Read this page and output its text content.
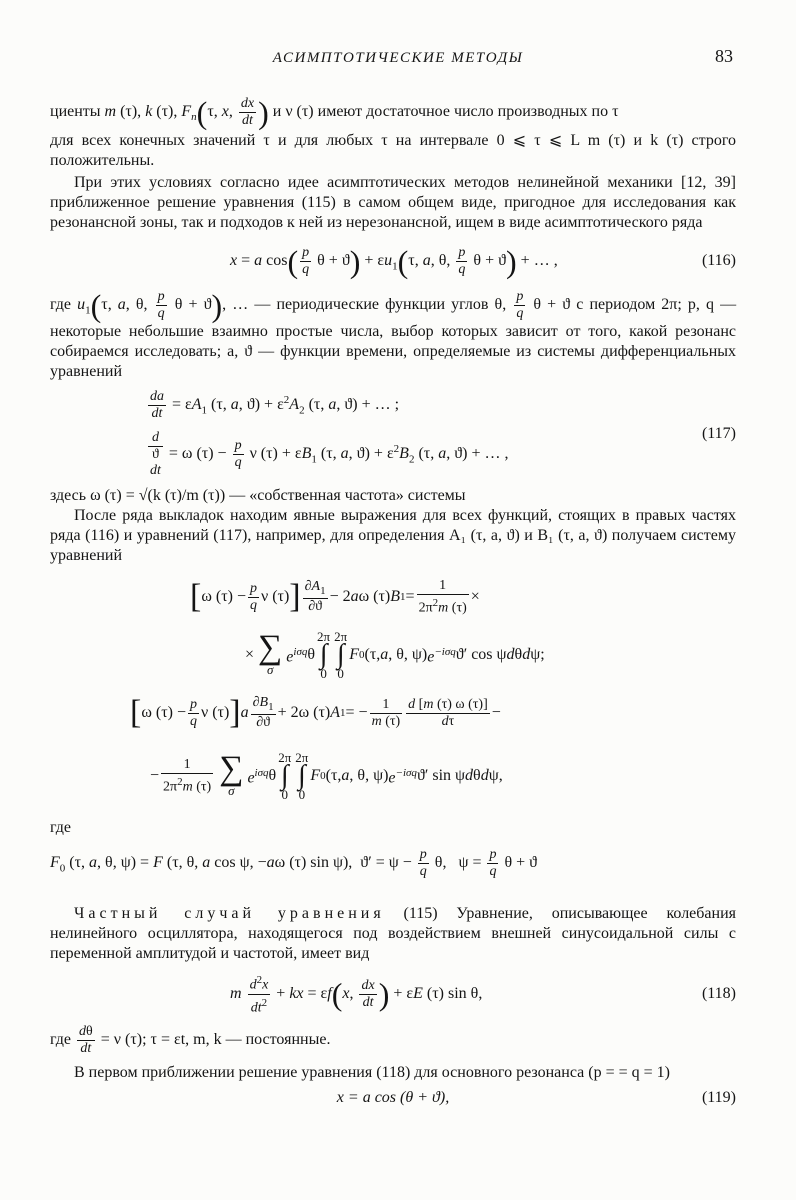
АСИМПТОТИЧЕСКИЕ МЕТОДЫ	83

циенты m (τ), k (τ), $F_n(\tau$, x, $\frac{dx}{dt}$ ) и ν (τ) имеют достаточное число производных по τ

для всех конечных значений τ и для любых τ на интервале 0 ⩽ τ ⩽ L m (τ) и k (τ) строго положительны.

При этих условиях согласно идее асимптотических методов нелинейной механики [12, 39] приближенное решение уравнения (115) в самом общем виде, пригодное для исследования как резонансной зоны, так и подходов к ней из нерезонансной, ищем в виде асимптотического ряда

x = a $\cos( \frac{p}{q}$ $\theta + ϑ) + \varepsilon u_1(\tau$, a, θ, $\frac{p}{q}$ θ + ϑ) + … ,	(116)

где $u_1(\tau$, a, θ, $\frac{p}{q}$ θ + ϑ), … — периодические функции углов θ, $\frac{p}{q}$ θ + ϑ с периодом 2π; p, q — некоторые небольшие взаимно простые числа, выбор которых зависит от того, какой резонанс собираемся исследовать; a, ϑ — функции времени, определяемые из системы дифференциальных уравнений

$\frac{da}{dt} = \varepsilon A_1$ (τ, a, $ϑ) + \varepsilon^2A_2$ (τ, a, ϑ) + … ;
d
ϑ
dt
= ω $(\tau) - \frac{p}{q}$ ν $(\tau) + \varepsilon B_1$ (τ, a, $ϑ) + \varepsilon^2B_2$ (τ, a, ϑ) + … ,
(117)

здесь ω (τ) = √(k (τ)/m (τ)) — «собственная частота» системы

После ряда выкладок находим явные выражения для всех функций, стоящих в правых частях ряда (116) и уравнений (117), например, для определения A₁ (τ, a, ϑ) и B₁ (τ, a, ϑ) получаем систему уравнений

[ ω $(\tau) - \frac{p}{q}$ ν (τ) ] $\frac{\partial A_1}{\partial ϑ} - 2$ a ω (τ) B $1 = \frac{1}{2\pi^2m (\tau)}$ ×
× ∑
σ
$e^{i\sigma q}$ θ
2π
∫
0
2π
∫
0
F 0 (τ, a , θ, ψ) $e^{-i\sigma q}$ ϑ′ cos ψ d θ d ψ;
[ ω $(\tau) - \frac{p}{q}$ ν (τ) ] a $\frac{\partial B_1}{\partial ϑ} + 2\omega$ (τ) A 1 = − $\frac{1}{m (\tau)} \frac{d [m (\tau) \omega (\tau)]}{d\tau}$ −
− $\frac{1}{2\pi^2m (\tau)}$ ∑
σ
$e^{i\sigma q}$ θ
2π
∫
0
2π
∫
0
F 0 (τ, a , θ, ψ) $e^{-i\sigma q}$ ϑ′ sin ψ d θ d ψ,

где

$F_0$ (τ, a, θ, ψ) = F (τ, θ, a cos ψ, −aω (τ) sin ψ),  $ϑ' = \psi - \frac{p}{q} \theta$,   $\psi = \frac{p}{q}$ θ + ϑ

Частный случай уравнения (115) Уравнение, описывающее колебания нелинейного осциллятора, находящегося под воздействием внешней синусоидальной силы с переменной амплитудой и частотой, имеет вид

m $\frac{d^2x}{dt^2}$ + kx = εf(x, $\frac{dx}{dt}$ ) + εE (τ) sin θ,	(118)

где $\frac{d\theta}{dt} = \nu$ (τ); τ = εt, m, k — постоянные.

В первом приближении решение уравнения (118) для основного резонанса (p = = q = 1)

x = a cos (θ + ϑ),	(119)
